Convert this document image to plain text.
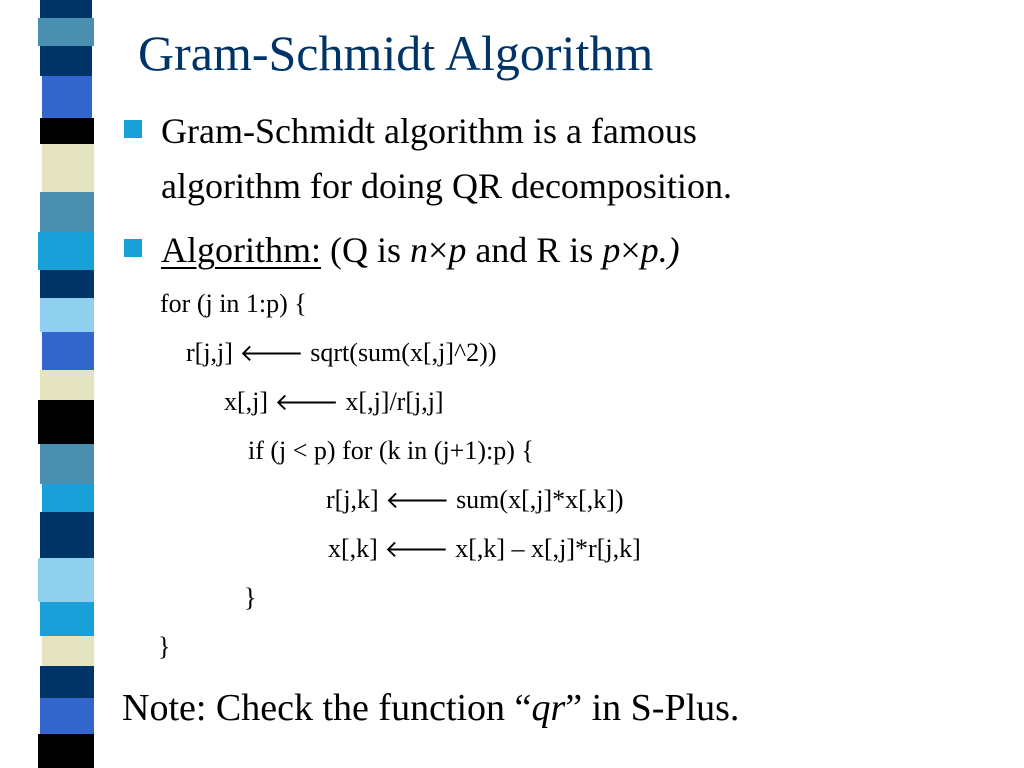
Gram-Schmidt Algorithm
Gram-Schmidt algorithm is a famous
algorithm for doing QR decomposition.
Algorithm: (Q is n×p and R is p×p.)
for (j in 1:p) {
r[j,j] 🡐 sqrt(sum(x[,j]^2))
x[,j] 🡐 x[,j]/r[j,j]
if (j < p) for (k in (j+1):p) {
r[j,k] 🡐 sum(x[,j]*x[,k])
x[,k] 🡐 x[,k] – x[,j]*r[j,k]
}
}
Note: Check the function “qr” in S-Plus.
